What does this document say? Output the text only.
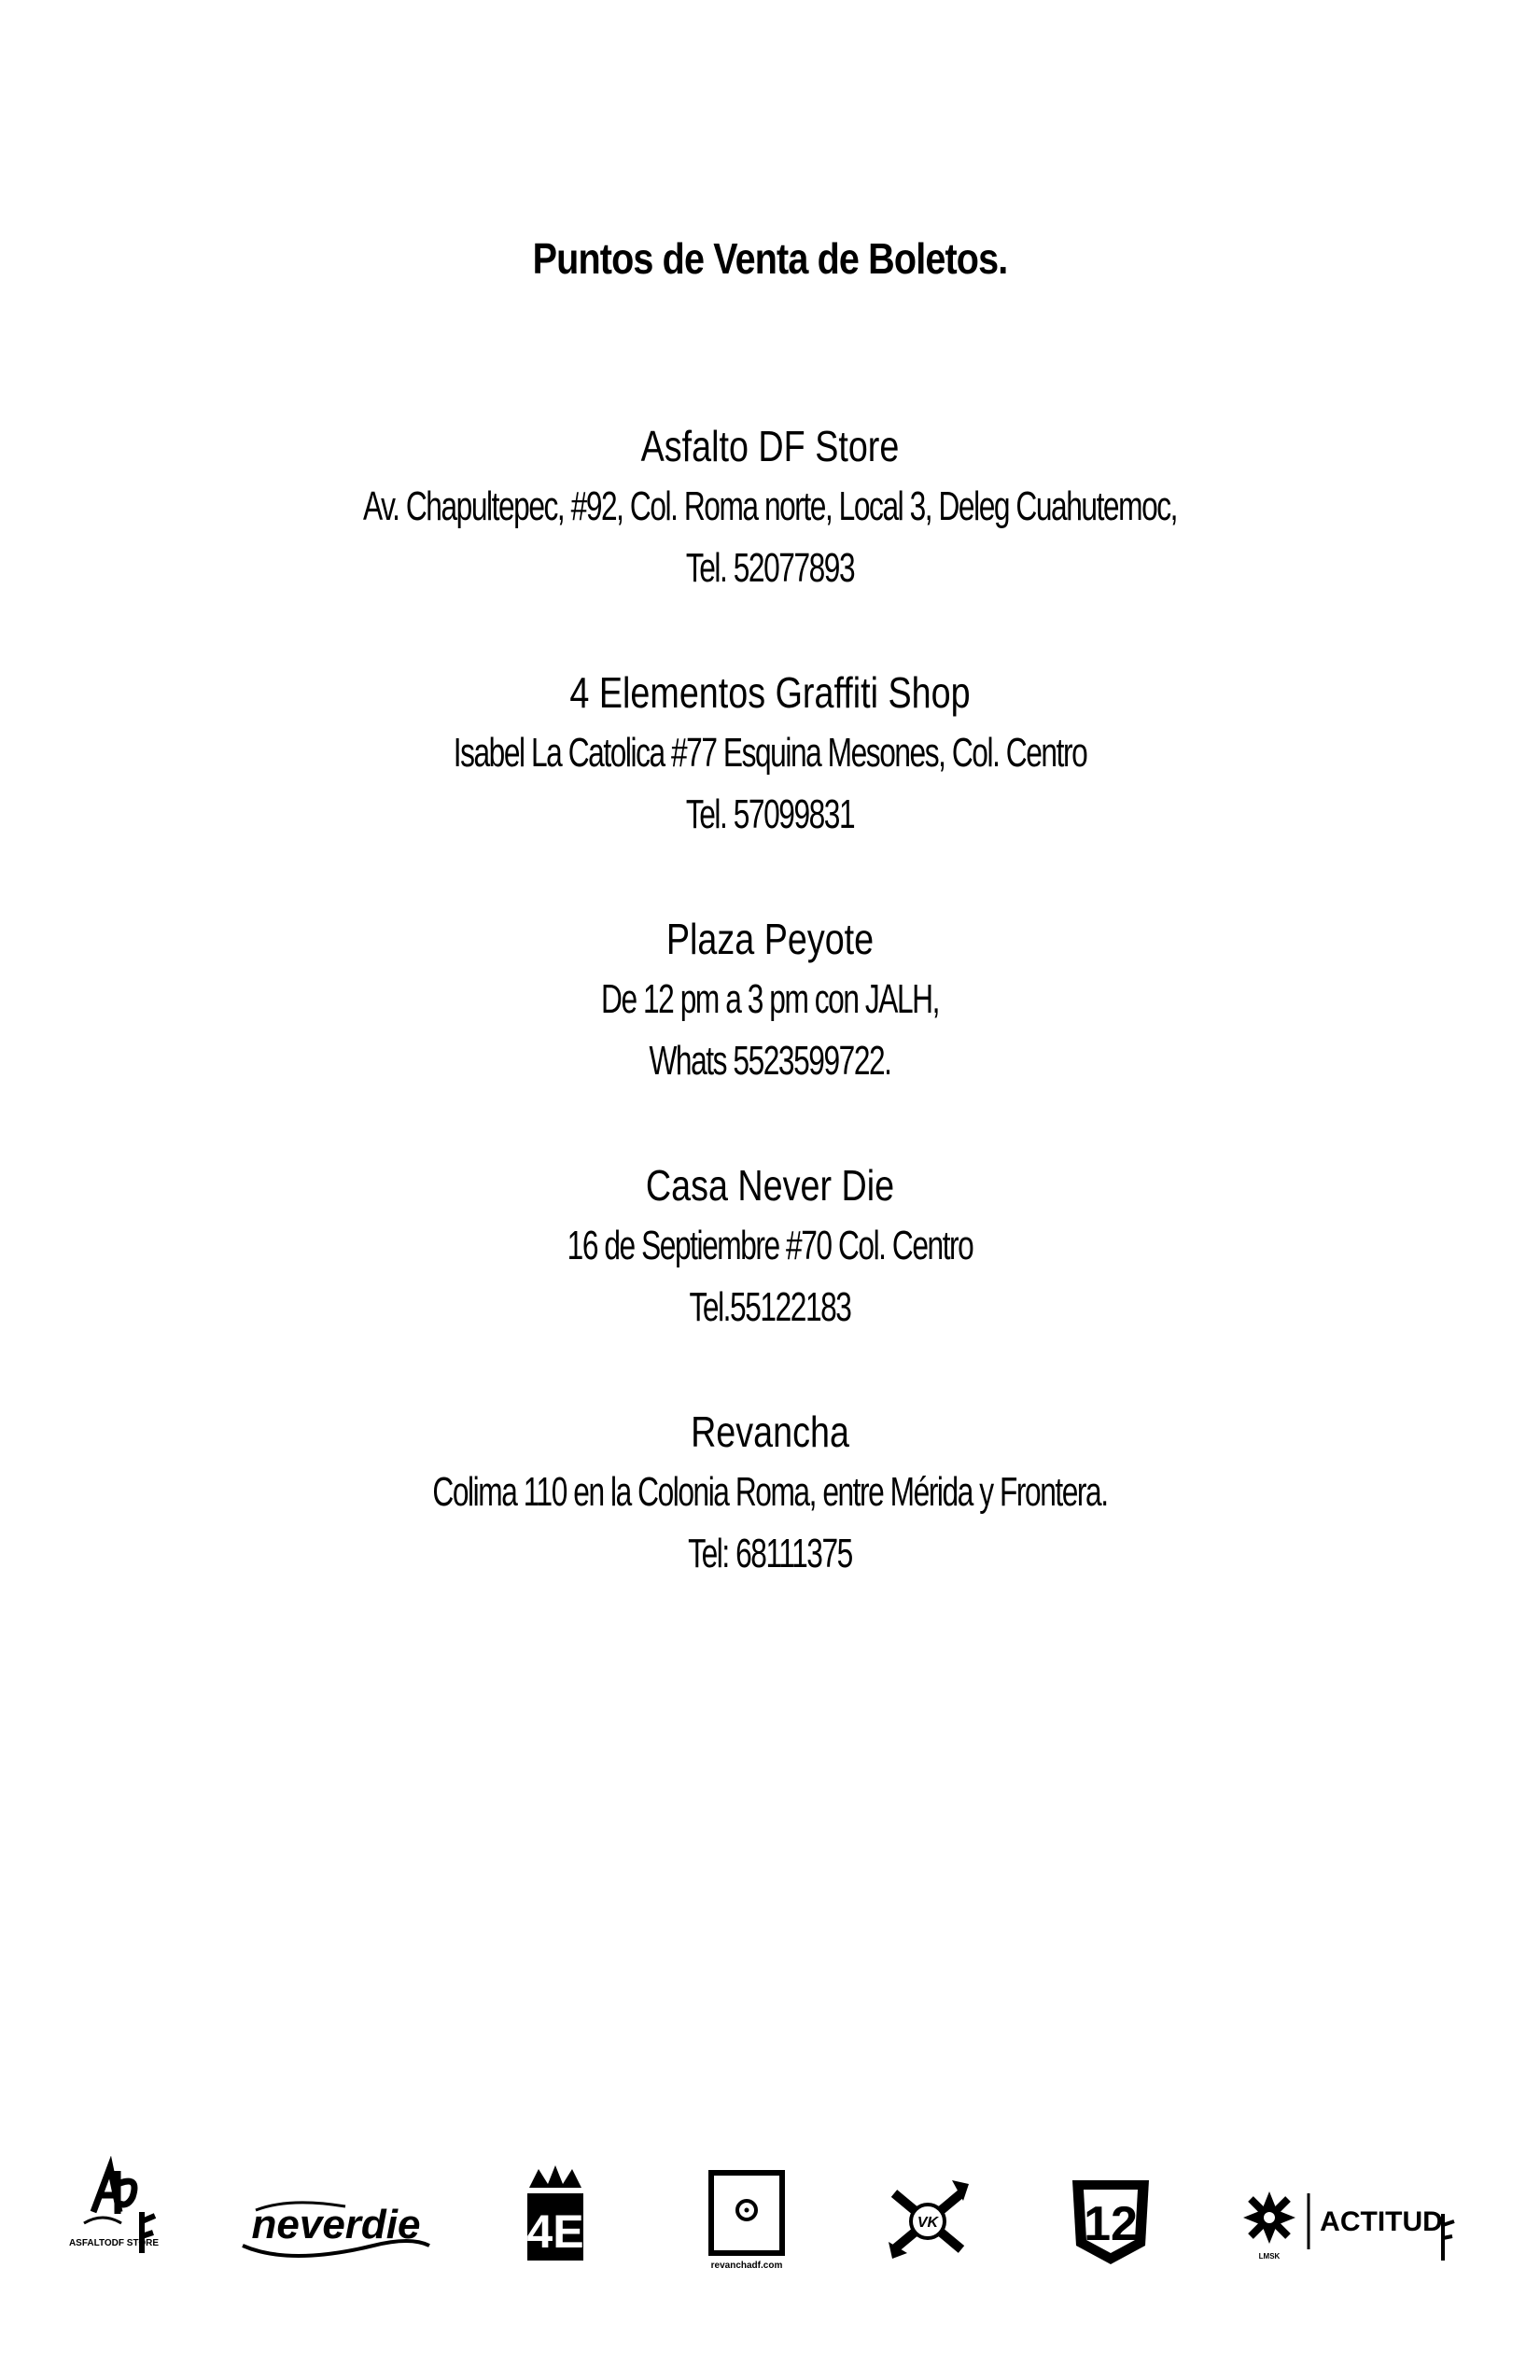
Puntos de Venta de Boletos.

Asfalto DF Store

Av. Chapultepec, #92, Col. Roma norte, Local 3, Deleg Cuahutemoc,

Tel. 52077893

4 Elementos Graffiti Shop

Isabel La Catolica #77 Esquina Mesones, Col. Centro

Tel. 57099831

Plaza Peyote

De 12 pm a 3 pm con JALH,

Whats 5523599722.

Casa Never Die

16 de Septiembre #70 Col. Centro

Tel.55122183

Revancha

Colima 110 en la Colonia Roma, entre Mérida y Frontera.

Tel: 68111375

ASFALTODF STORE neverdie 4E
revanchadf.com
VK	12
LMSK
ACTITUD
